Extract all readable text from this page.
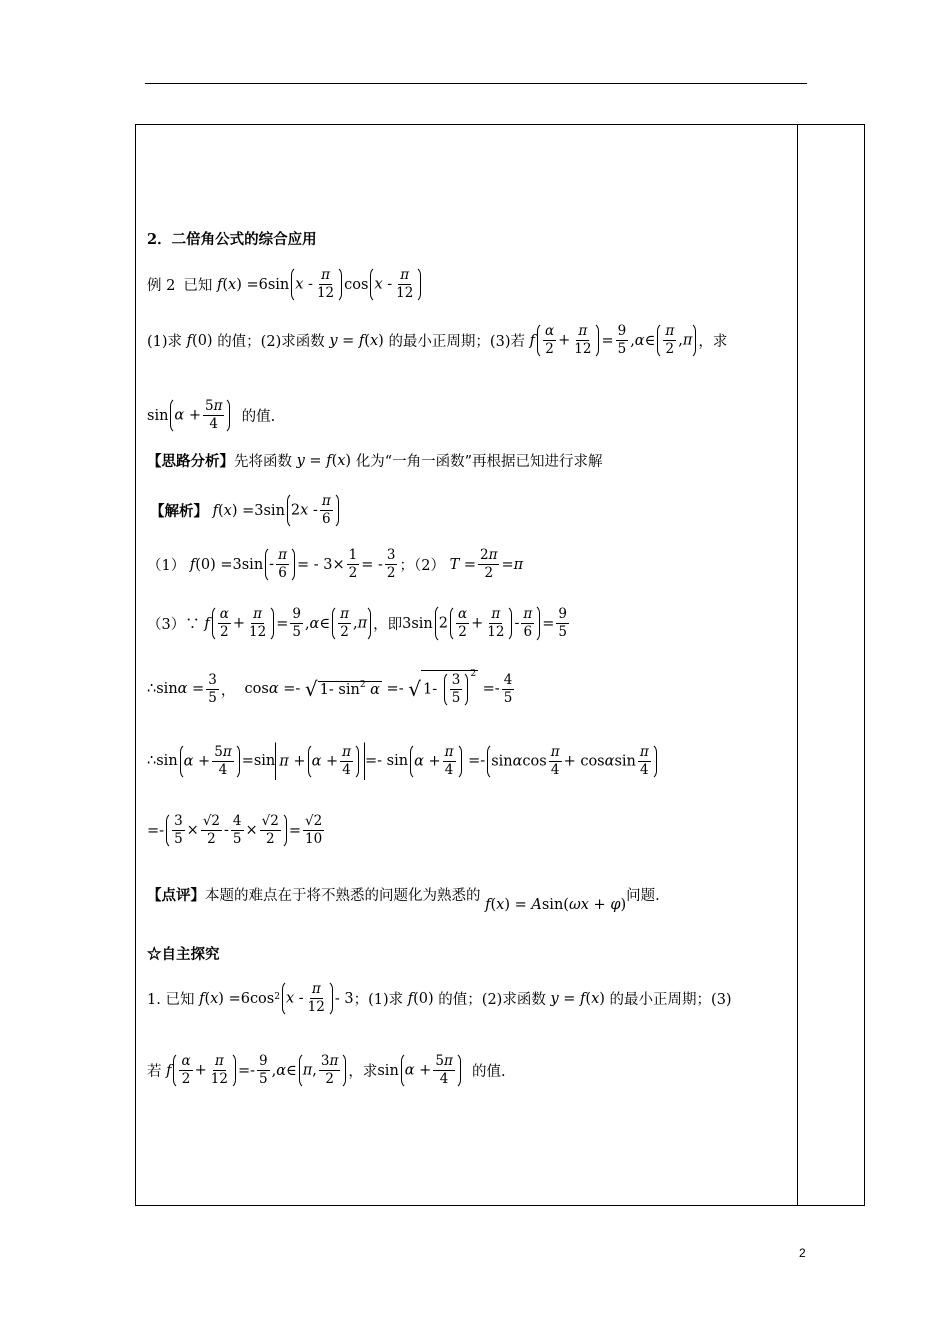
2．二倍角公式的综合应用
例 2 已知
f ( x ) =6sin x - $\frac{\pi}{12}$ cos x - $\frac{\pi}{12}$
(1)求
f (0) 的值；(2)求函数
y = f ( x ) 的最小正周期；(3)若
f $\frac{\alpha}{2} + \frac{\pi}{12} = \frac{9}{5}$ , α ∈ $\frac{\pi}{2} ,\pi$ ，求
$\sin \alpha + \frac{5\pi}{4}$
的值.
【思路分析】 先将函数
y = f ( x ) 化为“一角一函数”再根据已知进行求解
【解析】
f ( x ) =3sin $2x - \frac{\pi}{6}$
（1）
f $(0) =3\sin - \frac{\pi}{6}$ = - $3\times \frac{1}{2}$ = - $\frac{3}{2}$ ；（2）
$T = \frac{2\pi}{2} = \pi$
（3）∵
f $\frac{\alpha}{2} + \frac{\pi}{12} = \frac{9}{5}$ , α ∈ $\frac{\pi}{2} ,\pi$ ，即 3sin $2 \frac{\alpha}{2} + \frac{\pi}{12} - \frac{\pi}{6} = \frac{9}{5}$
∴ $\sin \alpha = \frac{3}{5}$ ， cos α =- √ 1- $\sin^2 \alpha$ =- √ $1- \frac{3}{5} ^2$
=- $\frac{4}{5}$
∴ $\sin \alpha + \frac{5\pi}{4} =\sin$ $\pi + \alpha + \frac{\pi}{4} =- \sin \alpha + \frac{\pi}{4} =- \sin\alpha\cos \frac{\pi}{4} + \cos\alpha\sin \frac{\pi}{4}$
=- $\frac{3}{5} \times \frac{√2}{2} - \frac{4}{5} \times \frac{√2}{2} = \frac{√2}{10}$
【点评】 本题的难点在于将不熟悉的问题化为熟悉的

f ( x ) = A sin( ωx + φ )
问题.
☆自主探究
1. 已知
f ( x ) $=6\cos^2$ x - $\frac{\pi}{12} - 3$ ；(1)求
f (0) 的值；(2)求函数
y = f ( x ) 的最小正周期；(3)
若
f $\frac{\alpha}{2} + \frac{\pi}{12} =- \frac{9}{5}$ , α ∈ π, $\frac{3\pi}{2}$ ，求 $\sin \alpha + \frac{5\pi}{4}$
的值.
2
